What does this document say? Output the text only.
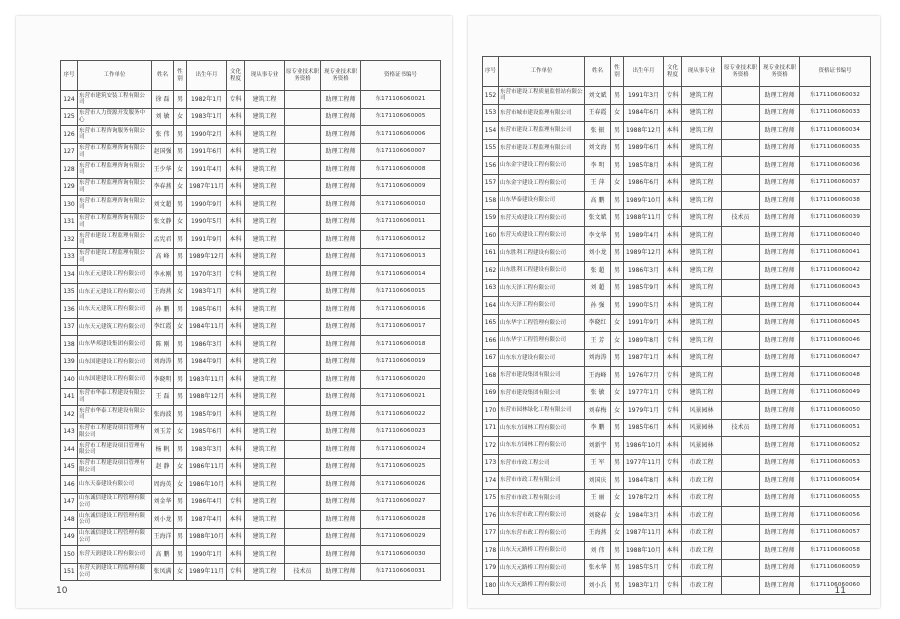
序号	工作单位	姓名	性别	出生年月	文化程度	现从事专业	原专业技术职务资格	现专业技术职务资格	资格证书编号
124	东营市建筑安装工程有限公司	徐 磊	男	1982年1月	专科	建筑工程		助理工程师	东171106060021
125	东营市人力资源开发服务中心	刘 敏	女	1983年1月	本科	建筑工程		助理工程师	东171106060005
126	东营市工程咨询服务有限公司	张 伟	男	1990年2月	本科	建筑工程		助理工程师	东171106060006
127	东营市工程监理咨询有限公司	赵国强	男	1991年6月	本科	建筑工程		助理工程师	东171106060007
128	东营市工程监理咨询有限公司	王少华	女	1991年4月	本科	建筑工程		助理工程师	东171106060008
129	东营市工程监理咨询有限公司	李春燕	女	1987年11月	本科	建筑工程		助理工程师	东171106060009
130	东营市工程监理咨询有限公司	刘文超	男	1990年9月	本科	建筑工程		助理工程师	东171106060010
131	东营市工程监理咨询有限公司	张文静	女	1990年5月	本科	建筑工程		助理工程师	东171106060011
132	东营市建设工程监理有限公司	孟宪君	男	1991年9月	本科	建筑工程		助理工程师	东171106060012
133	东营市建设工程监理有限公司	高 峰	男	1989年12月	本科	建筑工程		助理工程师	东171106060013
134	山东正元建设工程有限公司	李永刚	男	1970年3月	专科	建筑工程		助理工程师	东171106060014
135	山东正元建设工程有限公司	王海燕	女	1983年1月	本科	建筑工程		助理工程师	东171106060015
136	山东天元建筑工程有限公司	孙 鹏	男	1985年6月	本科	建筑工程		助理工程师	东171106060016
137	山东天元建筑工程有限公司	李红霞	女	1984年11月	本科	建筑工程		助理工程师	东171106060017
138	山东华邦建设集团有限公司	陈 刚	男	1986年3月	本科	建筑工程		助理工程师	东171106060018
139	山东国建建设工程有限公司	刘海涛	男	1984年9月	本科	建筑工程		助理工程师	东171106060019
140	山东国建建设工程有限公司	李晓明	男	1983年11月	本科	建筑工程		助理工程师	东171106060020
141	东营市华泰工程建设有限公司	王 磊	男	1988年12月	本科	建筑工程		助理工程师	东171106060021
142	东营市华泰工程建设有限公司	张海波	男	1985年9月	本科	建筑工程		助理工程师	东171106060022
143	东营市工程建设项目管理有限公司	刘玉芳	女	1985年6月	本科	建筑工程		助理工程师	东171106060023
144	东营市工程建设项目管理有限公司	杨 帆	男	1983年3月	本科	建筑工程		助理工程师	东171106060024
145	东营市工程建设项目管理有限公司	赵 静	女	1986年11月	本科	建筑工程		助理工程师	东171106060025
146	山东天泰建设有限公司	周海英	女	1986年10月	本科	建筑工程		助理工程师	东171106060026
147	山东诚信建设工程管理有限公司	刘金华	男	1986年4月	专科	建筑工程		助理工程师	东171106060027
148	山东诚信建设工程管理有限公司	刘小龙	男	1987年4月	本科	建筑工程		助理工程师	东171106060028
149	山东诚信建设工程管理有限公司	王海洋	男	1988年10月	本科	建筑工程		助理工程师	东171106060029
150	东营天润建设工程有限公司	高 鹏	男	1990年1月	本科	建筑工程		助理工程师	东171106060030
151	东营天润建设工程监理有限公司	张凤满	女	1989年11月	专科	建筑工程	技术员	助理工程师	东171106060031
10
序号	工作单位	姓名	性别	出生年月	文化程度	现从事专业	原专业技术职务资格	现专业技术职务资格	资格证书编号
152	东营市建设工程质量监督站有限公司	刘文斌	男	1991年3月	专科	建筑工程		助理工程师	东171106060032
153	东营市城市建设监理有限公司	王春霞	女	1984年6月	本科	建筑工程		助理工程师	东171106060033
154	东营市建设工程监理有限公司	张 振	男	1988年12月	本科	建筑工程		助理工程师	东171106060034
155	东营市建设工程监理有限公司	刘文海	男	1989年6月	本科	建筑工程		助理工程师	东171106060035
156	山东金宇建设工程有限公司	李 明	男	1985年8月	本科	建筑工程		助理工程师	东171106060036
157	山东金宇建设工程有限公司	王 萍	女	1986年6月	本科	建筑工程		助理工程师	东171106060037
158	山东华泰建设有限公司	高 鹏	男	1989年10月	本科	建筑工程		助理工程师	东171106060038
159	东营天成建设工程有限公司	张文斌	男	1988年11月	专科	建筑工程	技术员	助理工程师	东171106060039
160	东营天成建设工程有限公司	李文华	男	1989年4月	本科	建筑工程		助理工程师	东171106060040
161	山东胜利工程建设有限公司	刘小龙	男	1989年12月	本科	建筑工程		助理工程师	东171106060041
162	山东胜利工程建设有限公司	张 超	男	1986年3月	本科	建筑工程		助理工程师	东171106060042
163	山东天泽工程有限公司	刘 超	男	1985年9月	本科	建筑工程		助理工程师	东171106060043
164	山东天泽工程有限公司	孙 强	男	1990年5月	本科	建筑工程		助理工程师	东171106060044
165	山东华宇工程管理有限公司	李晓红	女	1991年9月	本科	建筑工程		助理工程师	东171106060045
166	山东华宇工程管理有限公司	王 芳	女	1989年8月	专科	建筑工程		助理工程师	东171106060046
167	山东东方建设有限公司	刘海涛	男	1987年1月	本科	建筑工程		助理工程师	东171106060047
168	东营市建设集团有限公司	王海峰	男	1976年7月	专科	建筑工程		助理工程师	东171106060048
169	东营市建设集团有限公司	张 敏	女	1977年1月	专科	建筑工程		助理工程师	东171106060049
170	东营市园林绿化工程有限公司	刘春梅	女	1979年1月	专科	风景园林		助理工程师	东171106060050
171	山东东方园林工程有限公司	李 鹏	男	1985年6月	本科	风景园林	技术员	助理工程师	东171106060051
172	山东东方园林工程有限公司	刘新宇	男	1986年10月	本科	风景园林		助理工程师	东171106060052
173	东营市市政工程公司	王 军	男	1977年11月	专科	市政工程		助理工程师	东171106060053
174	东营市市政工程有限公司	刘国庆	男	1984年8月	本科	市政工程		助理工程师	东171106060054
175	东营市市政工程有限公司	王 丽	女	1978年2月	本科	市政工程		助理工程师	东171106060055
176	山东东营市政工程有限公司	刘晓春	女	1984年3月	本科	市政工程		助理工程师	东171106060056
177	山东东营市政工程有限公司	王海燕	女	1987年11月	本科	市政工程		助理工程师	东171106060057
178	山东天元路桥工程有限公司	刘 伟	男	1988年10月	本科	市政工程		助理工程师	东171106060058
179	山东天元路桥工程有限公司	张永华	男	1985年5月	专科	市政工程		助理工程师	东171106060059
180	山东天元路桥工程有限公司	刘小兵	男	1983年1月	专科	市政工程		助理工程师	东171106060060
11
